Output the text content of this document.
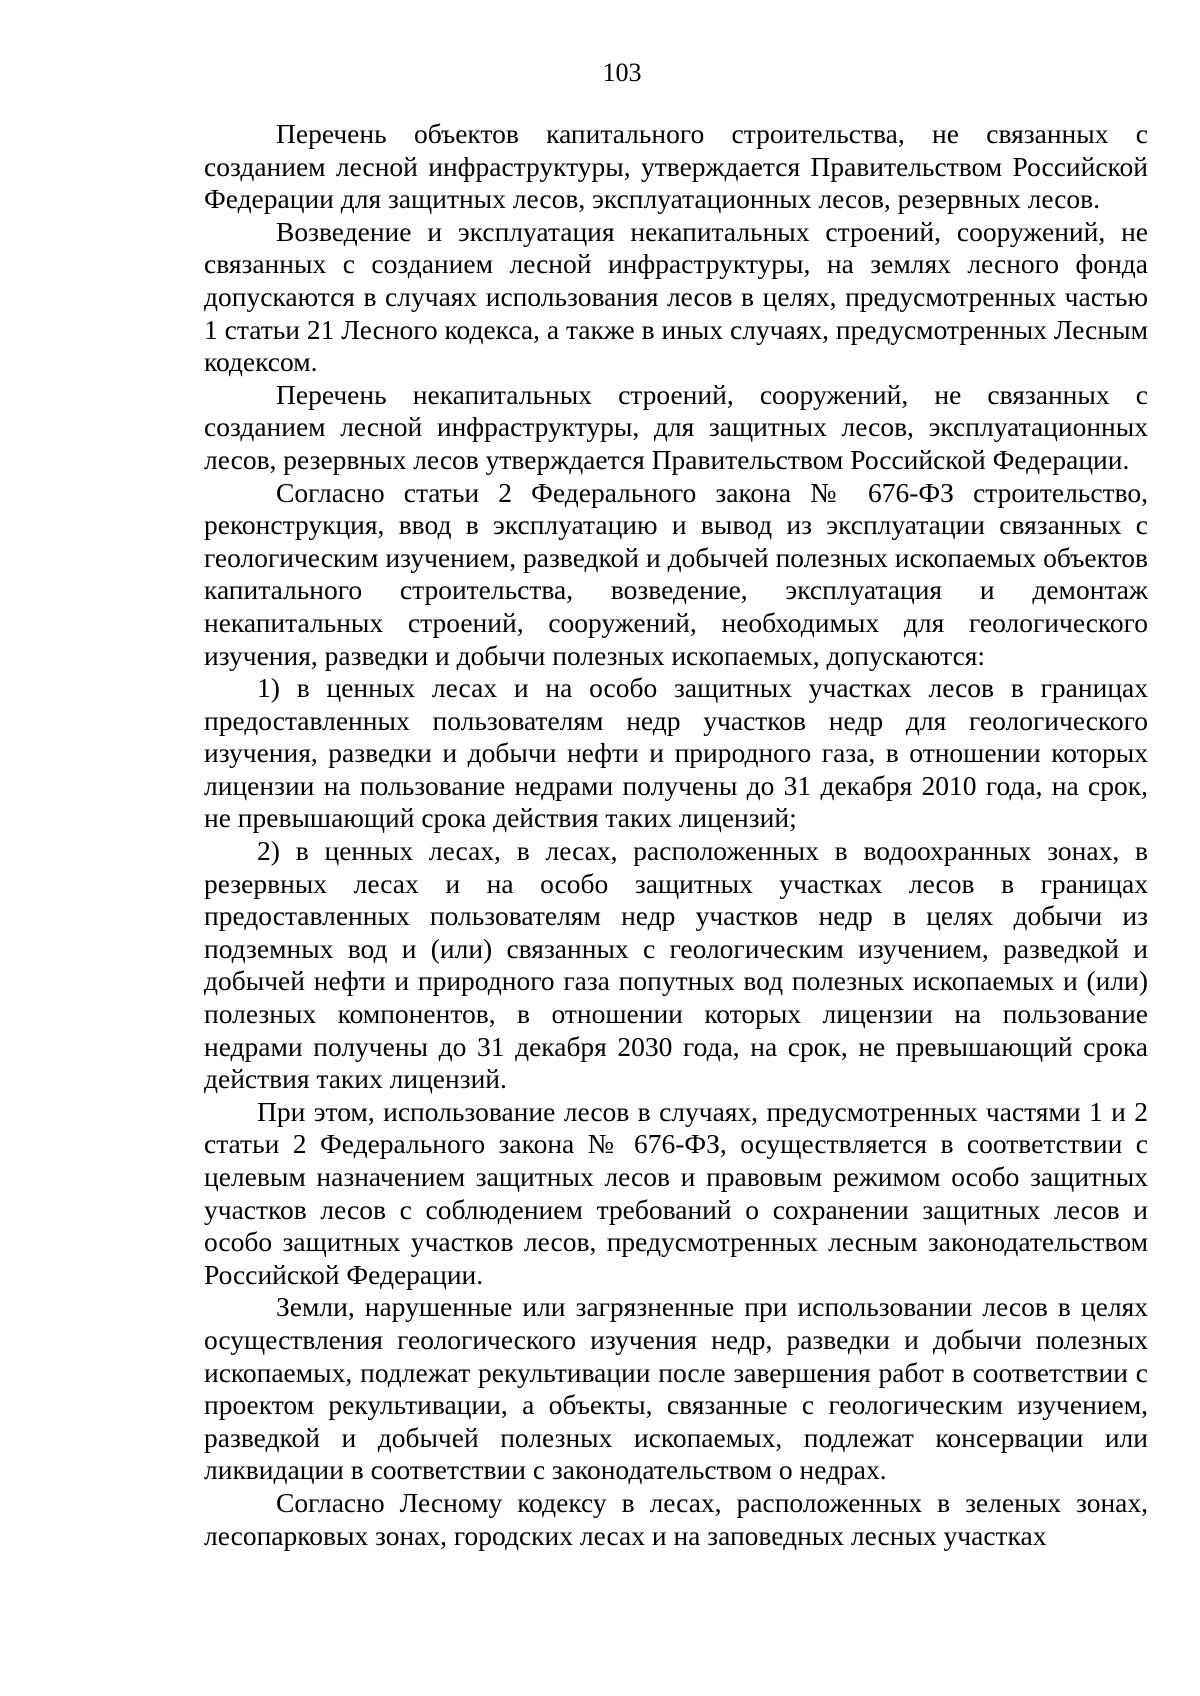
103

Перечень объектов капитального строительства, не связанных с созданием лесной инфраструктуры, утверждается Правительством Российской Федерации для защитных лесов, эксплуатационных лесов, резервных лесов.

Возведение и эксплуатация некапитальных строений, сооружений, не связанных с созданием лесной инфраструктуры, на землях лесного фонда допускаются в случаях использования лесов в целях, предусмотренных частью 1 статьи 21 Лесного кодекса, а также в иных случаях, предусмотренных Лесным кодексом.

Перечень некапитальных строений, сооружений, не связанных с созданием лесной инфраструктуры, для защитных лесов, эксплуатационных лесов, резервных лесов утверждается Правительством Российской Федерации.

Согласно статьи 2 Федерального закона № 676-ФЗ строительство, реконструкция, ввод в эксплуатацию и вывод из эксплуатации связанных с геологическим изучением, разведкой и добычей полезных ископаемых объектов капитального строительства, возведение, эксплуатация и демонтаж некапитальных строений, сооружений, необходимых для геологического изучения, разведки и добычи полезных ископаемых, допускаются:

1) в ценных лесах и на особо защитных участках лесов в границах предоставленных пользователям недр участков недр для геологического изучения, разведки и добычи нефти и природного газа, в отношении которых лицензии на пользование недрами получены до 31 декабря 2010 года, на срок, не превышающий срока действия таких лицензий;

2) в ценных лесах, в лесах, расположенных в водоохранных зонах, в резервных лесах и на особо защитных участках лесов в границах предоставленных пользователям недр участков недр в целях добычи из подземных вод и (или) связанных с геологическим изучением, разведкой и добычей нефти и природного газа попутных вод полезных ископаемых и (или) полезных компонентов, в отношении которых лицензии на пользование недрами получены до 31 декабря 2030 года, на срок, не превышающий срока действия таких лицензий.

При этом, использование лесов в случаях, предусмотренных частями 1 и 2 статьи 2 Федерального закона № 676-ФЗ, осуществляется в соответствии с целевым назначением защитных лесов и правовым режимом особо защитных участков лесов с соблюдением требований о сохранении защитных лесов и особо защитных участков лесов, предусмотренных лесным законодательством Российской Федерации.

Земли, нарушенные или загрязненные при использовании лесов в целях осуществления геологического изучения недр, разведки и добычи полезных ископаемых, подлежат рекультивации после завершения работ в соответствии с проектом рекультивации, а объекты, связанные с геологическим изучением, разведкой и добычей полезных ископаемых, подлежат консервации или ликвидации в соответствии с законодательством о недрах.

Согласно Лесному кодексу в лесах, расположенных в зеленых зонах, лесопарковых зонах, городских лесах и на заповедных лесных участках
